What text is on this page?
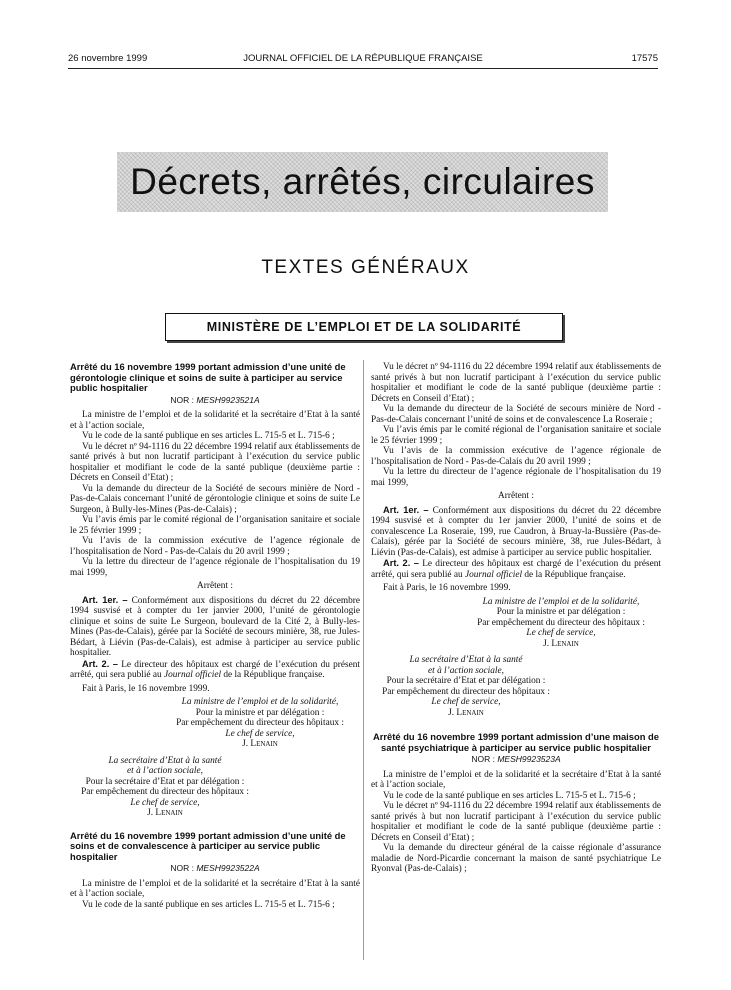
26 novembre 1999	JOURNAL OFFICIEL DE LA RÉPUBLIQUE FRANÇAISE	17575
Décrets, arrêtés, circulaires
TEXTES GÉNÉRAUX
MINISTÈRE DE L’EMPLOI ET DE LA SOLIDARITÉ
Arrêté du 16 novembre 1999 portant admission d’une unité de gérontologie clinique et soins de suite à participer au service public hospitalier
NOR : MESH9923521A

La ministre de l’emploi et de la solidarité et la secrétaire d’Etat à la santé et à l’action sociale,

Vu le code de la santé publique en ses articles L. 715-5 et L. 715-6 ;

Vu le décret nº 94-1116 du 22 décembre 1994 relatif aux établissements de santé privés à but non lucratif participant à l’exécution du service public hospitalier et modifiant le code de la santé publique (deuxième partie : Décrets en Conseil d’Etat) ;

Vu la demande du directeur de la Société de secours minière de Nord - Pas-de-Calais concernant l’unité de gérontologie clinique et soins de suite Le Surgeon, à Bully-les-Mines (Pas-de-Calais) ;

Vu l’avis émis par le comité régional de l’organisation sanitaire et sociale le 25 février 1999 ;

Vu l’avis de la commission exécutive de l’agence régionale de l’hospitalisation de Nord - Pas-de-Calais du 20 avril 1999 ;

Vu la lettre du directeur de l’agence régionale de l’hospitalisation du 19 mai 1999,

Arrêtent :

Art. 1er. – Conformément aux dispositions du décret du 22 décembre 1994 susvisé et à compter du 1er janvier 2000, l’unité de gérontologie clinique et soins de suite Le Surgeon, boulevard de la Cité 2, à Bully-les-Mines (Pas-de-Calais), gérée par la Société de secours minière, 38, rue Jules-Bédart, à Liévin (Pas-de-Calais), est admise à participer au service public hospitalier.

Art. 2. – Le directeur des hôpitaux est chargé de l’exécution du présent arrêté, qui sera publié au Journal officiel de la République française.

Fait à Paris, le 16 novembre 1999.

La ministre de l’emploi et de la solidarité,
Pour la ministre et par délégation :
Par empêchement du directeur des hôpitaux :
Le chef de service,
J. Lenain
La secrétaire d’Etat à la santé
et à l’action sociale,
Pour la secrétaire d’Etat et par délégation :
Par empêchement du directeur des hôpitaux :
Le chef de service,
J. Lenain
Arrêté du 16 novembre 1999 portant admission d’une unité de soins et de convalescence à participer au service public hospitalier
NOR : MESH9923522A

La ministre de l’emploi et de la solidarité et la secrétaire d’Etat à la santé et à l’action sociale,

Vu le code de la santé publique en ses articles L. 715-5 et L. 715-6 ;

Vu le décret nº 94-1116 du 22 décembre 1994 relatif aux établissements de santé privés à but non lucratif participant à l’exécution du service public hospitalier et modifiant le code de la santé publique (deuxième partie : Décrets en Conseil d’Etat) ;

Vu la demande du directeur de la Société de secours minière de Nord - Pas-de-Calais concernant l’unité de soins et de convalescence La Roseraie ;

Vu l’avis émis par le comité régional de l’organisation sanitaire et sociale le 25 février 1999 ;

Vu l’avis de la commission exécutive de l’agence régionale de l’hospitalisation de Nord - Pas-de-Calais du 20 avril 1999 ;

Vu la lettre du directeur de l’agence régionale de l’hospitalisation du 19 mai 1999,

Arrêtent :

Art. 1er. – Conformément aux dispositions du décret du 22 décembre 1994 susvisé et à compter du 1er janvier 2000, l’unité de soins et de convalescence La Roseraie, 199, rue Caudron, à Bruay-la-Bussière (Pas-de-Calais), gérée par la Société de secours minière, 38, rue Jules-Bédart, à Liévin (Pas-de-Calais), est admise à participer au service public hospitalier.

Art. 2. – Le directeur des hôpitaux est chargé de l’exécution du présent arrêté, qui sera publié au Journal officiel de la République française.

Fait à Paris, le 16 novembre 1999.

La ministre de l’emploi et de la solidarité,
Pour la ministre et par délégation :
Par empêchement du directeur des hôpitaux :
Le chef de service,
J. Lenain
La secrétaire d’Etat à la santé
et à l’action sociale,
Pour la secrétaire d’Etat et par délégation :
Par empêchement du directeur des hôpitaux :
Le chef de service,
J. Lenain
Arrêté du 16 novembre 1999 portant admission d’une maison de santé psychiatrique à participer au service public hospitalier
NOR : MESH9923523A

La ministre de l’emploi et de la solidarité et la secrétaire d’Etat à la santé et à l’action sociale,

Vu le code de la santé publique en ses articles L. 715-5 et L. 715-6 ;

Vu le décret nº 94-1116 du 22 décembre 1994 relatif aux établissements de santé privés à but non lucratif participant à l’exécution du service public hospitalier et modifiant le code de la santé publique (deuxième partie : Décrets en Conseil d’Etat) ;

Vu la demande du directeur général de la caisse régionale d’assurance maladie de Nord-Picardie concernant la maison de santé psychiatrique Le Ryonval (Pas-de-Calais) ;
